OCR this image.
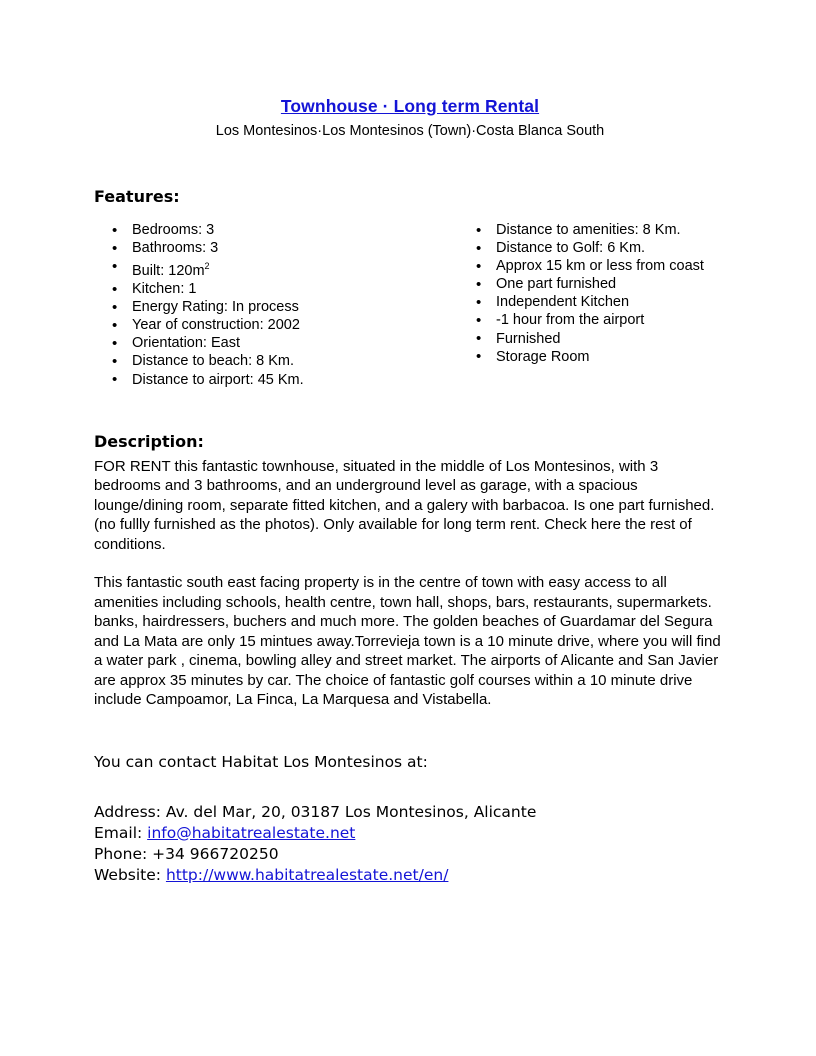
Townhouse · Long term Rental
Los Montesinos·Los Montesinos (Town)·Costa Blanca South
Features:
• Bedrooms: 3
• Bathrooms: 3
• Built: $120m^2$
• Kitchen: 1
• Energy Rating: In process
• Year of construction: 2002
• Orientation: East
• Distance to beach: 8 Km.
• Distance to airport: 45 Km.
• Distance to amenities: 8 Km.
• Distance to Golf: 6 Km.
• Approx 15 km or less from coast
• One part furnished
• Independent Kitchen
• -1 hour from the airport
• Furnished
• Storage Room
Description:

FOR RENT this fantastic townhouse, situated in the middle of Los Montesinos, with 3 bedrooms and 3 bathrooms, and an underground level as garage, with a spacious lounge/dining room, separate fitted kitchen, and a galery with barbacoa. Is one part furnished. (no fullly furnished as the photos). Only available for long term rent. Check here the rest of conditions.

This fantastic south east facing property is in the centre of town with easy access to all amenities including schools, health centre, town hall, shops, bars, restaurants, supermarkets. banks, hairdressers, buchers and much more. The golden beaches of Guardamar del Segura and La Mata are only 15 mintues away.Torrevieja town is a 10 minute drive, where you will find a water park , cinema, bowling alley and street market. The airports of Alicante and San Javier are approx 35 minutes by car. The choice of fantastic golf courses within a 10 minute drive include Campoamor, La Finca, La Marquesa and Vistabella.

You can contact Habitat Los Montesinos at:

Address: Av. del Mar, 20, 03187 Los Montesinos, Alicante

Email: info@habitatrealestate.net

Phone: +34 966720250

Website: http://www.habitatrealestate.net/en/
